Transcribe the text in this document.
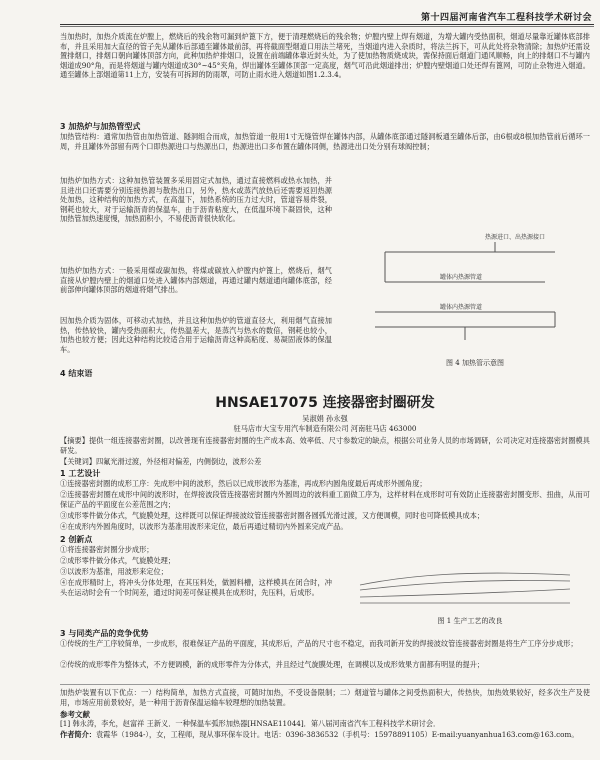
第十四届河南省汽车工程科技学术研讨会
当加热时，加热介质流在炉膛上，燃烧后的残余物可漏到炉篦下方，便于清理燃烧后的残余物；炉膛内壁上焊有烟道，为增大罐内受热面积，烟道尽量靠近罐体底部排布，并且采用加大直径的管子先从罐体后部通至罐体最前部，再将截面型烟道口用法兰堵死，当烟道内进入杂质时，将法兰拆下，可从此处将杂物清除；加热炉还需设置排烟口，排烟口朝向罐体顶部方向，此种加热炉排烟口，设置在前端罐体靠近封头处，为了使加热物质烧成块，需保持面后烟道门通风顺畅，向上的排烟口不与罐内烟道成90°角，而是将烟道与罐内烟道成30°~45°夹角，焊出罐体至罐体顶部一定高度，烟气可沿此烟道排出；炉膛内壁烟道口处还焊有篦网，可防止杂物进入烟道。通至罐体上部烟道第11上方，安装有可拆卸的防雨罩，可防止雨水进入烟道如图1.2.3.4。
3 加热炉与加热管型式
加热管结构：通常加热管由加热管道、隧洞组合而成，加热管道一般用1寸无缝管焊在罐体内部，从罐体底部通过隧洞板通至罐体后部，由6根或8根加热管前后循环一周，并且罐体外部留有两个口即热源进口与热源出口，热源进出口多布置在罐体同侧，热源进出口处分别有球阀控制；
加热炉加热方式：这种加热管装置多采用固定式加热，通过直接燃料或热水加热，并且进出口还需要分别连接热源与散热出口，另外，热水或蒸汽放热后还需要返回热源处加热，这种结构的加热方式，在高温下，加热系统的压力过大时，管道容易炸裂，钢耗也较大，对于运输沥青的保温车，由于沥青粘度大，在低温环境下凝固快，这种加热管加热速度慢，加热面积小，不易使沥青很快软化。
加热炉加热方式：一般采用煤或碳加热，将煤或碳放入炉膛内炉篦上，燃烧后，烟气直接从炉膛内壁上的烟道口处进入罐体内部烟道，再通过罐内烟道通向罐体底部，经前部伸向罐体顶部的烟道将烟气排出。
因加热介质为固体，可移动式加热，并且这种加热炉的管道直径大，利用烟气直接加热，传热较快，罐内受热面积大，传热温差大，是蒸汽与热水的数倍，钢耗也较小，加热也较方便；因此这种结构比较适合用于运输沥青这种高粘度、易凝固液体的保温车。
热源进口、出热源接口
罐体内热源管道
罐体内热源管道
图 4 加热管示意图
4 结束语
HNSAE17075 连接器密封圈研发
吴淑娟 孙永强
驻马店市大宝专用汽车制造有限公司 河南驻马店 463000
【摘要】提供一组连接器密封圈，以改善现有连接器密封圈的生产成本高、效率低、尺寸参数定的缺点，根据公司业务人员的市场调研，公司决定对连接器密封圈模具研发。
【关键词】四氟光滑过渡，外径相对偏差，内侧倒边，波形公差
1 工艺设计
①连接器密封圈的成形工序：先成形中间的波形，然后以已成形波形为基准，再成形内圆角度最后再成形外圆角度；
②连接器密封圈在成形中间的波形时，在焊接波段管连接器密封圈内外圆周边的波料重工面做工序为，这样材料在成形时可有效防止连接器密封圈变形、扭曲，从而可保证产品的平面度在公差范围之内；
③成形零件做分体式，气旋膜处理，这样既可以保证焊接波纹管连接器密封圈各圆弧光滑过渡，又方便调模，同时也可降低模具成本；
④在成形内外圆角度时，以波形为基准用波形来定位，最后再通过精切内外圆来完成产品。
2 创新点
①将连接器密封圈分步成形；
②成形零件做分体式，气旋膜处理；
③以波形为基准，用波形来定位；
④在成形精时上，将冲头分体处理，在其压料处，做圆料槽，这样模具在闭合时，冲头在运动时会有一个时间差，通过时间差可保证模具在成形时，先压料，后成形。
图 1 生产工艺的改良
3 与同类产品的竞争优势
①传统的生产工序较简单，一步成形，很难保证产品的平面度，其成形后，产品的尺寸也不稳定，而我司新开发的焊接波纹管连接器密封圈是将生产工序分步成形；
②传统的成形零件为整体式，不方便调模，新的成形零件为分体式，并且经过气旋膜处理，在调模以及成形效果方面都有明显的提升；
加热炉装置有以下优点：一）结构简单，加热方式直接，可随时加热，不受设备限制；二）烟道管与罐体之间受热面积大，传热快，加热效果较好，经多次生产及使用，市场应用前景较好，是一种用于沥青保温运输车较理想的加热装置。
参考文献
[1] 韩永涛，李允，赵富祥 王新义．一种保温车弧形加热器[HNSAE11044]．第八届河南省汽车工程科技学术研讨会．
作者简介：袁霞华（1984-），女，工程师，现从事环保车设计。电话：0396-3836532（手机号：15978891105）E-mail:yuanyanhua163.com@163.com。
